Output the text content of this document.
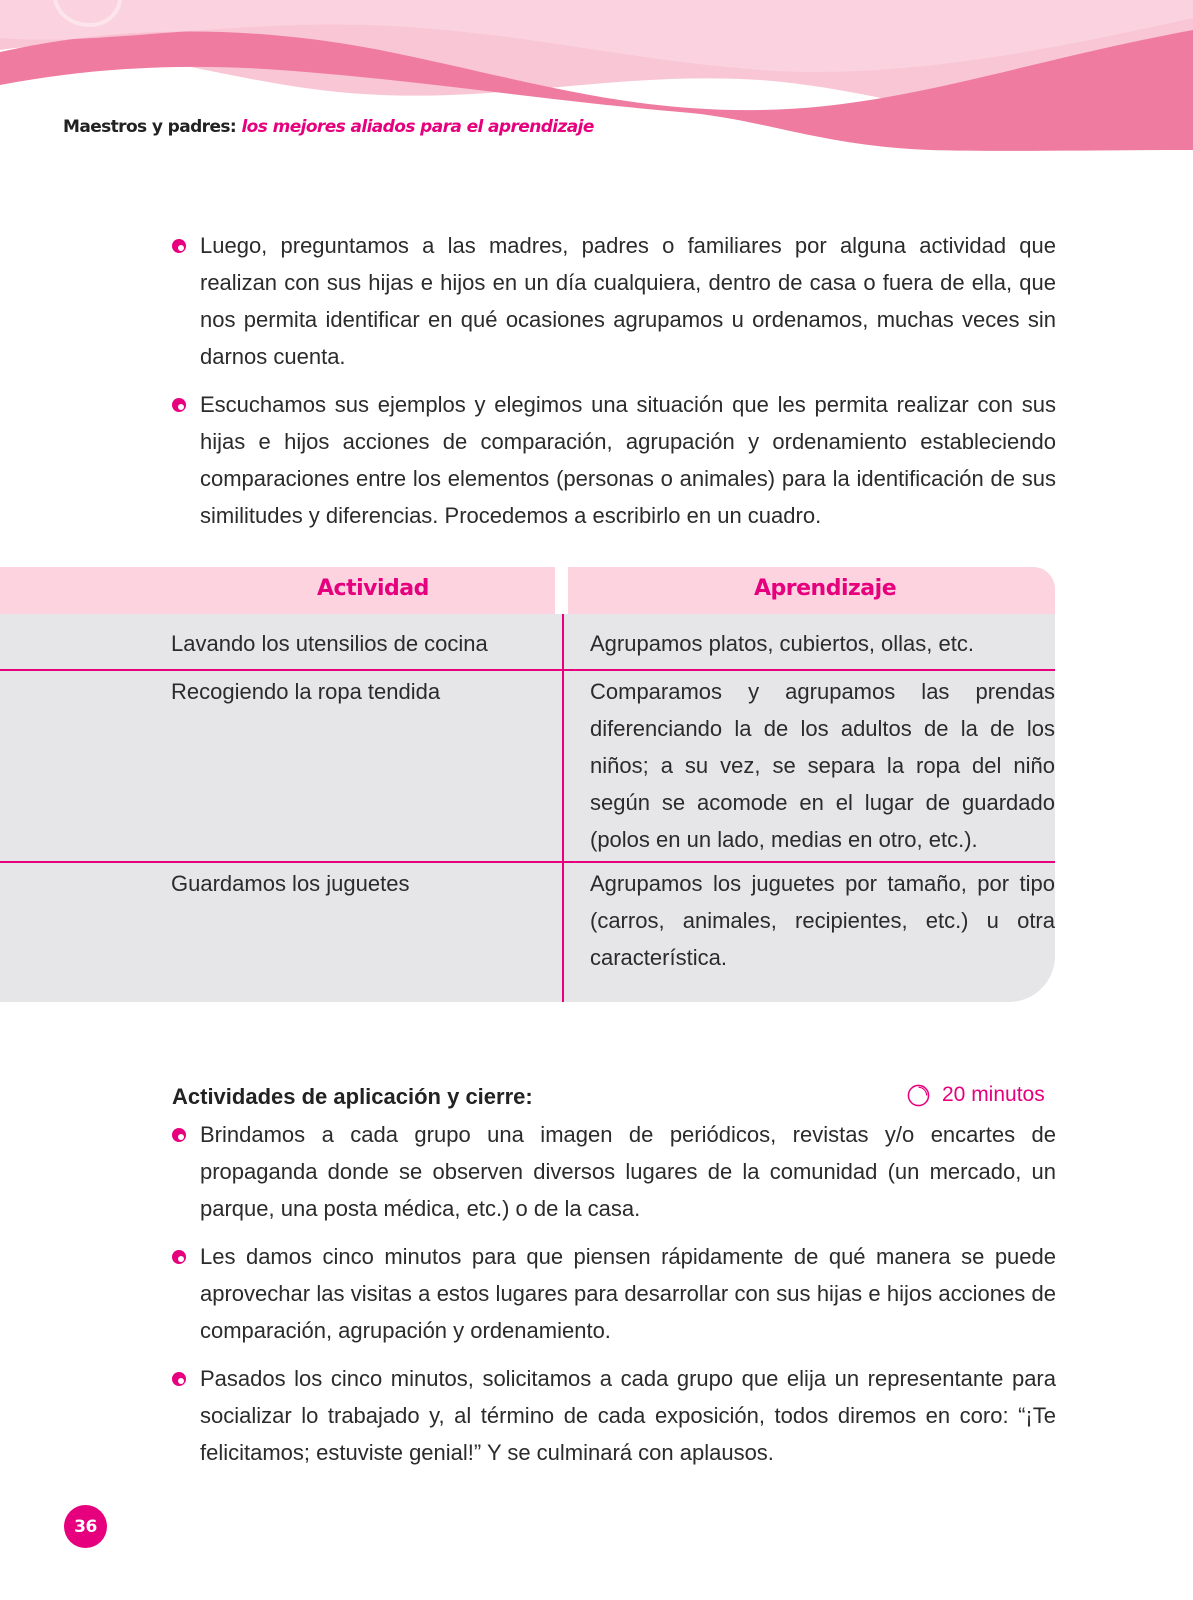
Maestros y padres: los mejores aliados para el aprendizaje
Luego, preguntamos a las madres, padres o familiares por alguna actividad que realizan con sus hijas e hijos en un día cualquiera, dentro de casa o fuera de ella, que nos permita identificar en qué ocasiones agrupamos u ordenamos, muchas veces sin darnos cuenta.
Escuchamos sus ejemplos y elegimos una situación que les permita realizar con sus hijas e hijos acciones de comparación, agrupación y ordenamiento estableciendo comparaciones entre los elementos (personas o animales) para la identificación de sus similitudes y diferencias. Procedemos a escribirlo en un cuadro.
Actividad	Aprendizaje
Lavando los utensilios de cocina	Agrupamos platos, cubiertos, ollas, etc.
Recogiendo la ropa tendida	Comparamos y agrupamos las prendas diferenciando la de los adultos de la de los niños; a su vez, se separa la ropa del niño según se acomode en el lugar de guardado (polos en un lado, medias en otro, etc.).
Guardamos los juguetes	Agrupamos los juguetes por tamaño, por tipo (carros, animales, recipientes, etc.) u otra característica.
Actividades de aplicación y cierre:	20 minutos
Brindamos a cada grupo una imagen de periódicos, revistas y/o encartes de propaganda donde se observen diversos lugares de la comunidad (un mercado, un parque, una posta médica, etc.) o de la casa.
Les damos cinco minutos para que piensen rápidamente de qué manera se puede aprovechar las visitas a estos lugares para desarrollar con sus hijas e hijos acciones de comparación, agrupación y ordenamiento.
Pasados los cinco minutos, solicitamos a cada grupo que elija un representante para socializar lo trabajado y, al término de cada exposición, todos diremos en coro: “¡Te felicitamos; estuviste genial!” Y se culminará con aplausos.
36
